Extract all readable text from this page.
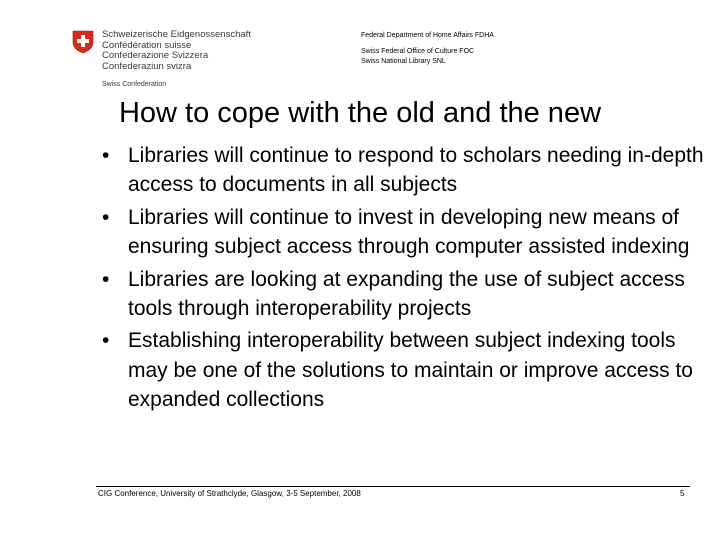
Schweizerische Eidgenossenschaft
Confédération suisse
Confederazione Svizzera
Confederaziun svizra
Swiss Confederation
Federal Department of Home Affairs FDHA
Swiss Federal Office of Culture FOC
Swiss National Library SNL
How to cope with the old and the new
• Libraries will continue to respond to scholars needing in-depth access to documents in all subjects
• Libraries will continue to invest in developing new means of ensuring subject access through computer assisted indexing
• Libraries are looking at expanding the use of subject access tools through interoperability projects
• Establishing interoperability between subject indexing tools may be one of the solutions to maintain or improve access to expanded collections
CIG Conference, University of Strathclyde, Glasgow, 3-5 September, 2008	5
